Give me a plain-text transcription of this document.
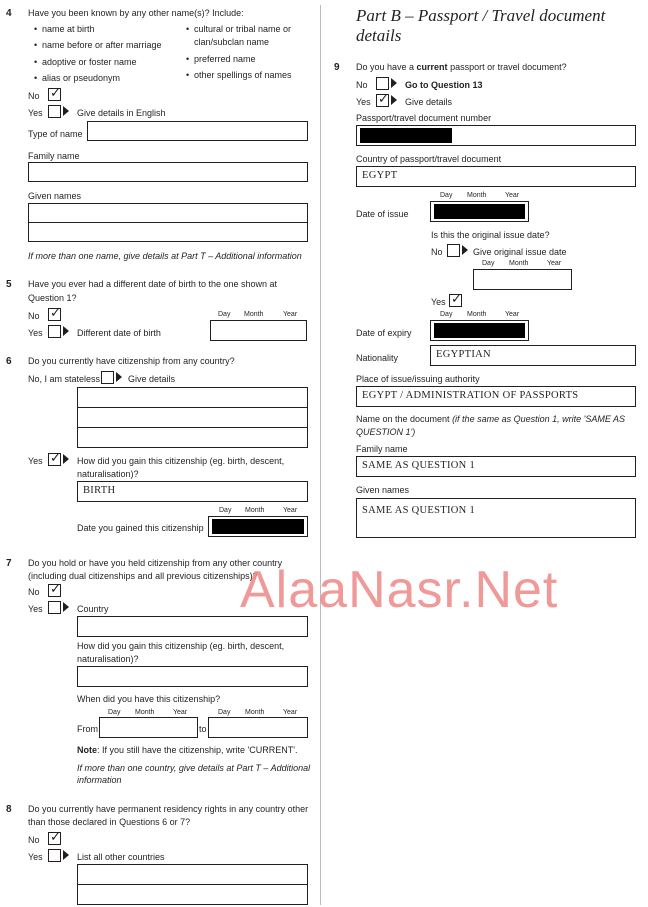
4 Have you been known by any other name(s)? Include:
• name at birth
• name before or after marriage
• adoptive or foster name
• alias or pseudonym
• cultural or tribal name or
clan/subclan name
• preferred name
• other spellings of names
No ✓
Yes	Give details in English
Type of name
Family name
Given names
If more than one name, give details at Part T – Additional information
5 Have you ever had a different date of birth to the one shown at
Question 1?
No ✓
Yes	Different date of birth
Day Month	Year
6 Do you currently have citizenship from any country?
No, I am stateless	Give details
Yes ✓ How did you gain this citizenship (eg. birth, descent,
naturalisation)?
BIRTH
Day Month	Year
Date you gained this citizenship
7 Do you hold or have you held citizenship from any other country
(including dual citizenships and all previous citizenships)?
No ✓
Yes	Country
How did you gain this citizenship (eg. birth, descent,
naturalisation)?
When did you have this citizenship?
Day Month	Year	Day Month	Year
From	to
Note: If you still have the citizenship, write 'CURRENT'.
If more than one country, give details at Part T – Additional
information
8 Do you currently have permanent residency rights in any country other
than those declared in Questions 6 or 7?
No ✓
Yes	List all other countries
Part B – Passport / Travel document
details
9 Do you have a current passport or travel document?
No	Go to Question 13
Yes ✓ Give details
Passport/travel document number
Country of passport/travel document
EGYPT
Day Month	Year
Date of issue
Is this the original issue date?
No	Give original issue date
Day Month	Year
Yes ✓
Day Month	Year
Date of expiry
Nationality	EGYPTIAN
Place of issue/issuing authority
EGYPT / ADMINISTRATION OF PASSPORTS
Name on the document (if the same as Question 1, write 'SAME AS
QUESTION 1')
Family name
SAME AS QUESTION 1
Given names
SAME AS QUESTION 1
AlaaNasr.Net
